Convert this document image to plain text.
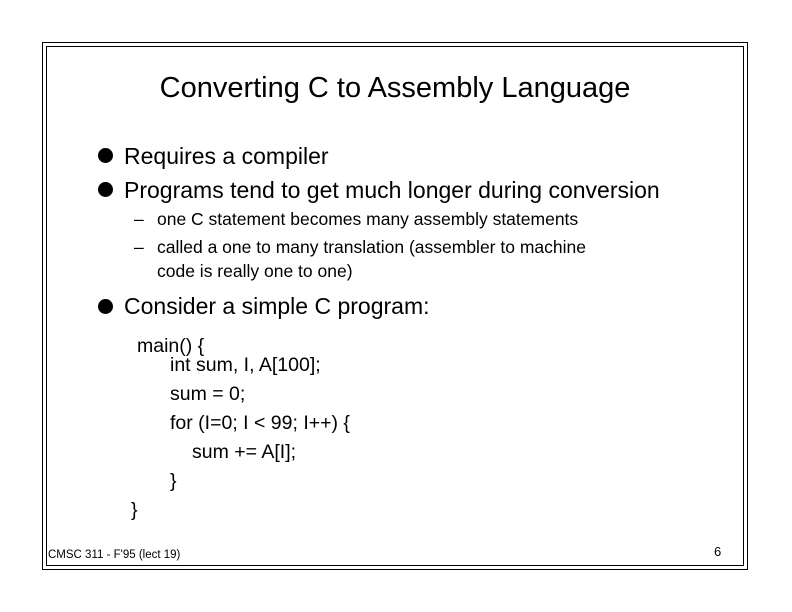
Converting C to Assembly Language
Requires a compiler
Programs tend to get much longer during conversion
– one C statement becomes many assembly statements
– called a one to many translation (assembler to machine
code is really one to one)
Consider a simple C program:
main() {
int sum, I, A[100];
sum = 0;
for (I=0; I < 99; I++) {
sum += A[I];
}
}
CMSC 311 - F'95 (lect 19)	6
